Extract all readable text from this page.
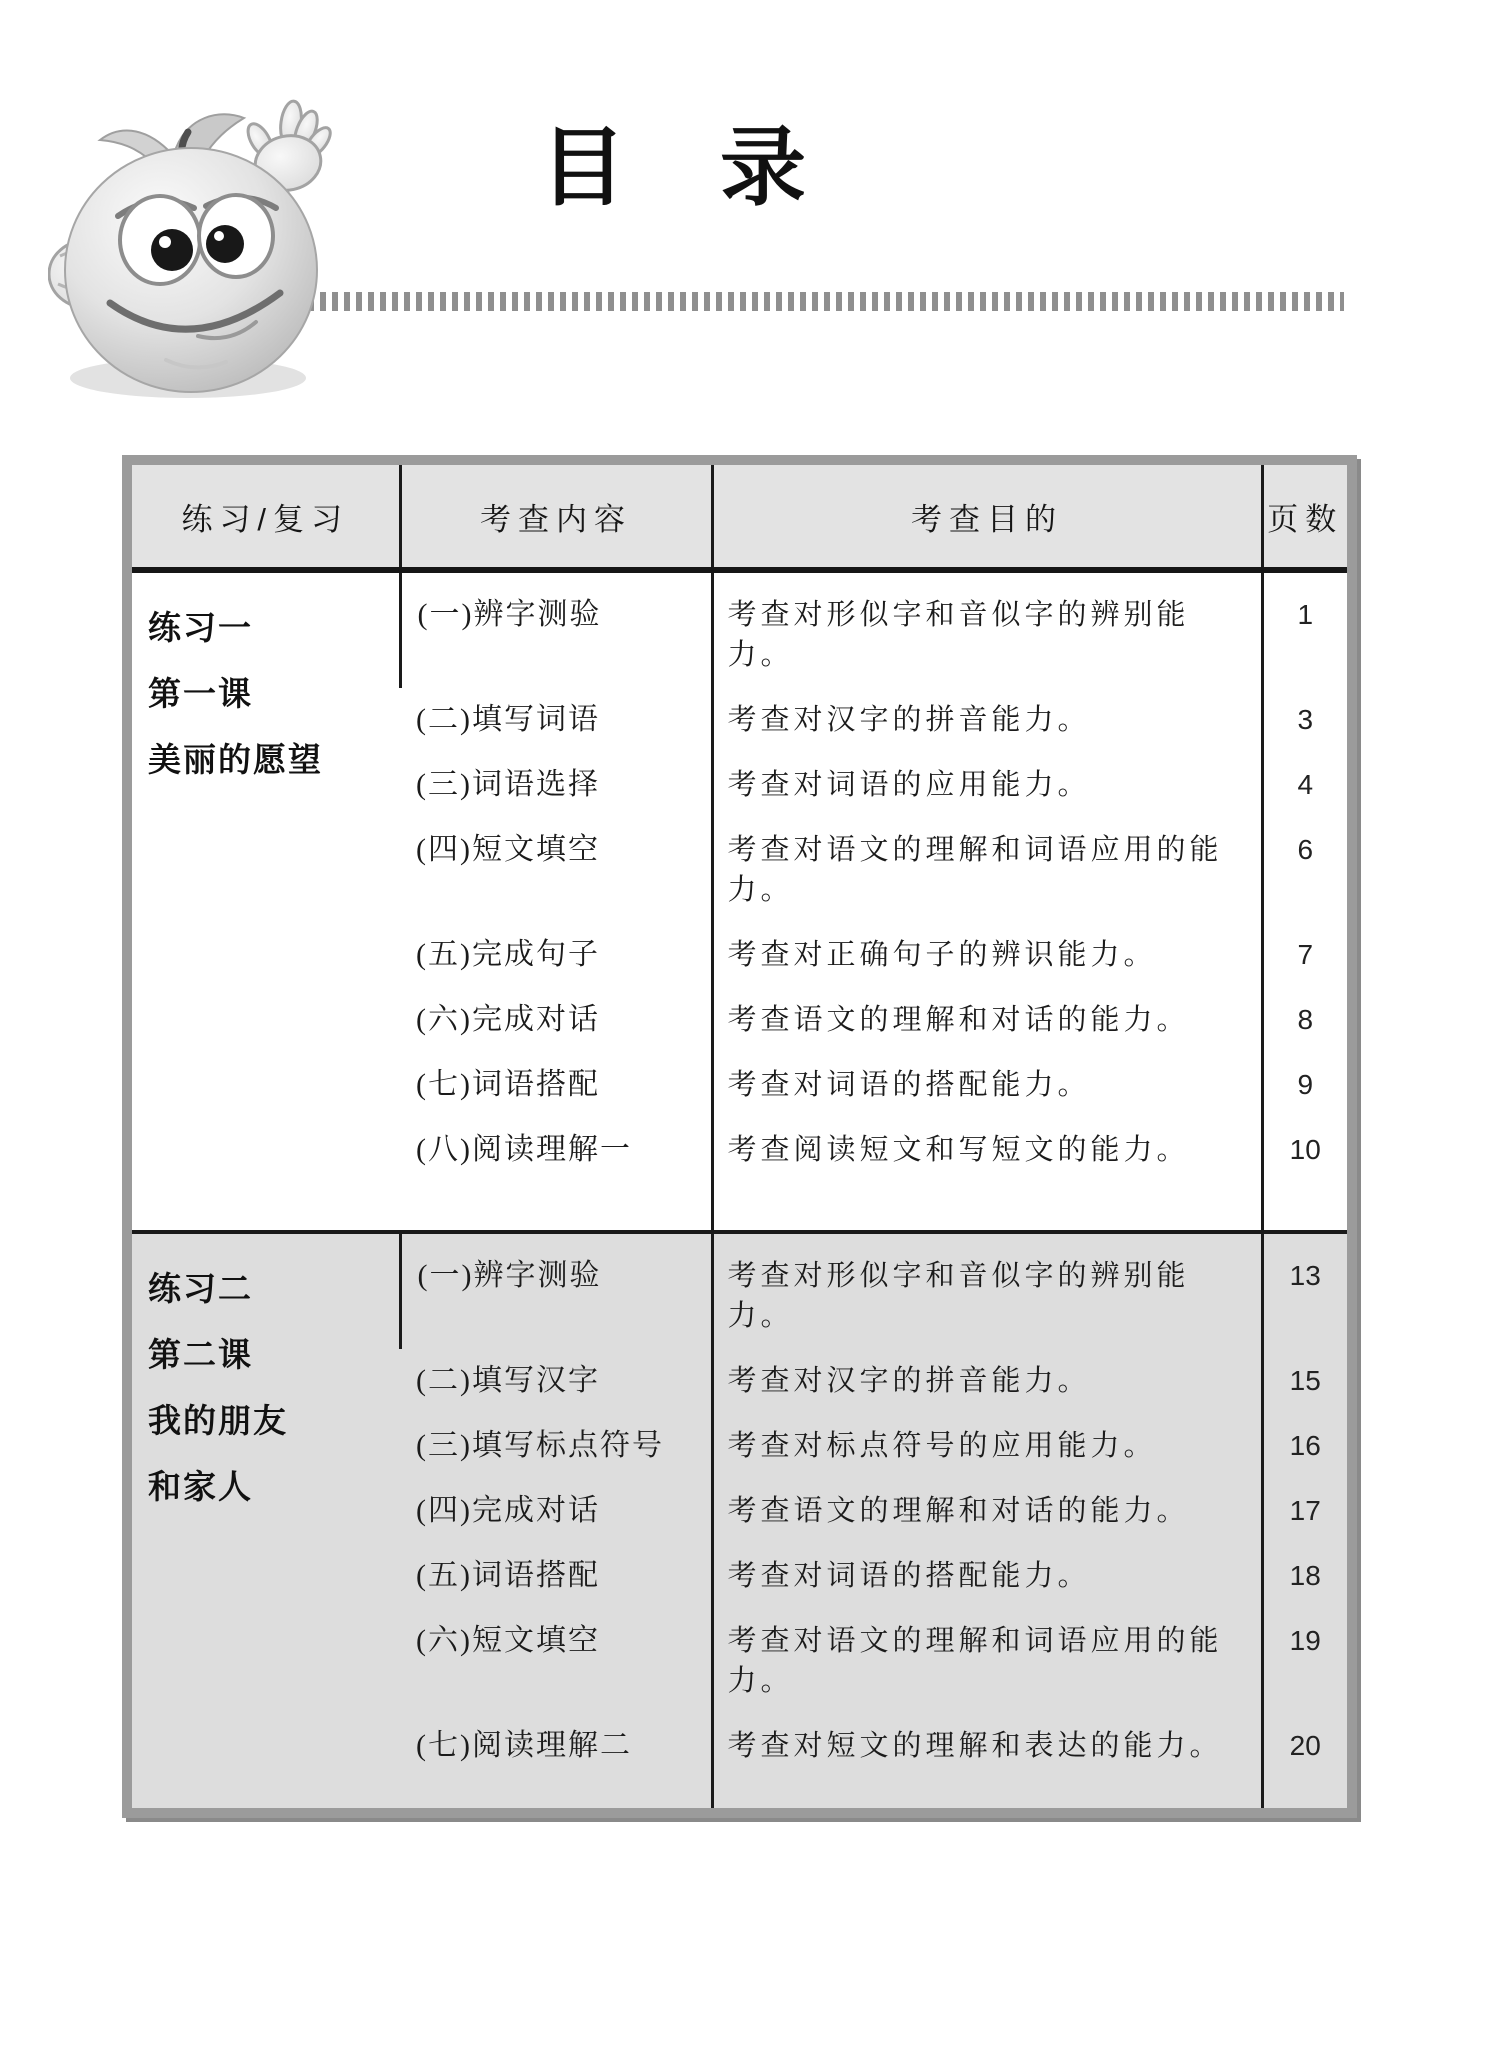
目　录
练习/复习	考查内容	考查目的	页数

练习一
第一课
美丽的愿望	(一)辨字测验	考查对形似字和音似字的辨别能力。	1
	(二)填写词语	考查对汉字的拼音能力。	3
	(三)词语选择	考查对词语的应用能力。	4
	(四)短文填空	考查对语文的理解和词语应用的能力。	6
	(五)完成句子	考查对正确句子的辨识能力。	7
	(六)完成对话	考查语文的理解和对话的能力。	8
	(七)词语搭配	考查对词语的搭配能力。	9
	(八)阅读理解一	考查阅读短文和写短文的能力。	10

练习二
第二课
我的朋友
和家人	(一)辨字测验	考查对形似字和音似字的辨别能力。	13
	(二)填写汉字	考查对汉字的拼音能力。	15
	(三)填写标点符号	考查对标点符号的应用能力。	16
	(四)完成对话	考查语文的理解和对话的能力。	17
	(五)词语搭配	考查对词语的搭配能力。	18
	(六)短文填空	考查对语文的理解和词语应用的能力。	19
	(七)阅读理解二	考查对短文的理解和表达的能力。	20
